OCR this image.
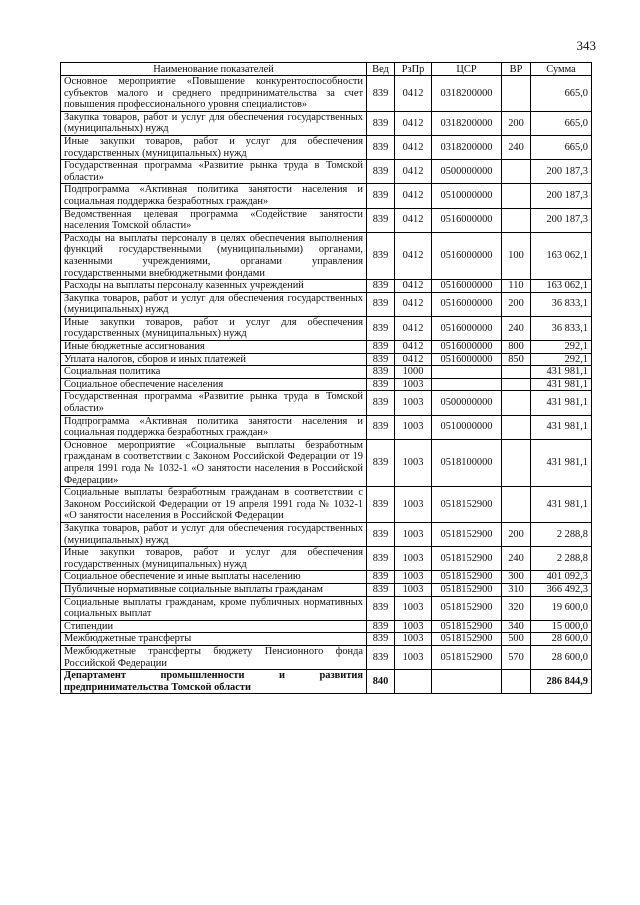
343
Наименование показателей	Вед	РзПр	ЦСР	ВР	Сумма
Основное мероприятие «Повышение конкурентоспособности субъектов малого и среднего предпринимательства за счет повышения профессионального уровня специалистов»	839	0412	0318200000		665,0
Закупка товаров, работ и услуг для обеспечения государственных (муниципальных) нужд	839	0412	0318200000	200	665,0
Иные закупки товаров, работ и услуг для обеспечения государственных (муниципальных) нужд	839	0412	0318200000	240	665,0
Государственная программа «Развитие рынка труда в Томской области»	839	0412	0500000000		200 187,3
Подпрограмма «Активная политика занятости населения и социальная поддержка безработных граждан»	839	0412	0510000000		200 187,3
Ведомственная целевая программа «Содействие занятости населения Томской области»	839	0412	0516000000		200 187,3
Расходы на выплаты персоналу в целях обеспечения выполнения функций государственными (муниципальными) органами, казенными учреждениями, органами управления государственными внебюджетными фондами	839	0412	0516000000	100	163 062,1
Расходы на выплаты персоналу казенных учреждений	839	0412	0516000000	110	163 062,1
Закупка товаров, работ и услуг для обеспечения государственных (муниципальных) нужд	839	0412	0516000000	200	36 833,1
Иные закупки товаров, работ и услуг для обеспечения государственных (муниципальных) нужд	839	0412	0516000000	240	36 833,1
Иные бюджетные ассигнования	839	0412	0516000000	800	292,1
Уплата налогов, сборов и иных платежей	839	0412	0516000000	850	292,1
Социальная политика	839	1000			431 981,1
Социальное обеспечение населения	839	1003			431 981,1
Государственная программа «Развитие рынка труда в Томской области»	839	1003	0500000000		431 981,1
Подпрограмма «Активная политика занятости населения и социальная поддержка безработных граждан»	839	1003	0510000000		431 981,1
Основное мероприятие «Социальные выплаты безработным гражданам в соответствии с Законом Российской Федерации от 19 апреля 1991 года № 1032-1 «О занятости населения в Российской Федерации»	839	1003	0518100000		431 981,1
Социальные выплаты безработным гражданам в соответствии с Законом Российской Федерации от 19 апреля 1991 года № 1032-1 «О занятости населения в Российской Федерации	839	1003	0518152900		431 981,1
Закупка товаров, работ и услуг для обеспечения государственных (муниципальных) нужд	839	1003	0518152900	200	2 288,8
Иные закупки товаров, работ и услуг для обеспечения государственных (муниципальных) нужд	839	1003	0518152900	240	2 288,8
Социальное обеспечение и иные выплаты населению	839	1003	0518152900	300	401 092,3
Публичные нормативные социальные выплаты гражданам	839	1003	0518152900	310	366 492,3
Социальные выплаты гражданам, кроме публичных нормативных социальных выплат	839	1003	0518152900	320	19 600,0
Стипендии	839	1003	0518152900	340	15 000,0
Межбюджетные трансферты	839	1003	0518152900	500	28 600,0
Межбюджетные трансферты бюджету Пенсионного фонда Российской Федерации	839	1003	0518152900	570	28 600,0
Департамент промышленности и развития предпринимательства Томской области	840				286 844,9
